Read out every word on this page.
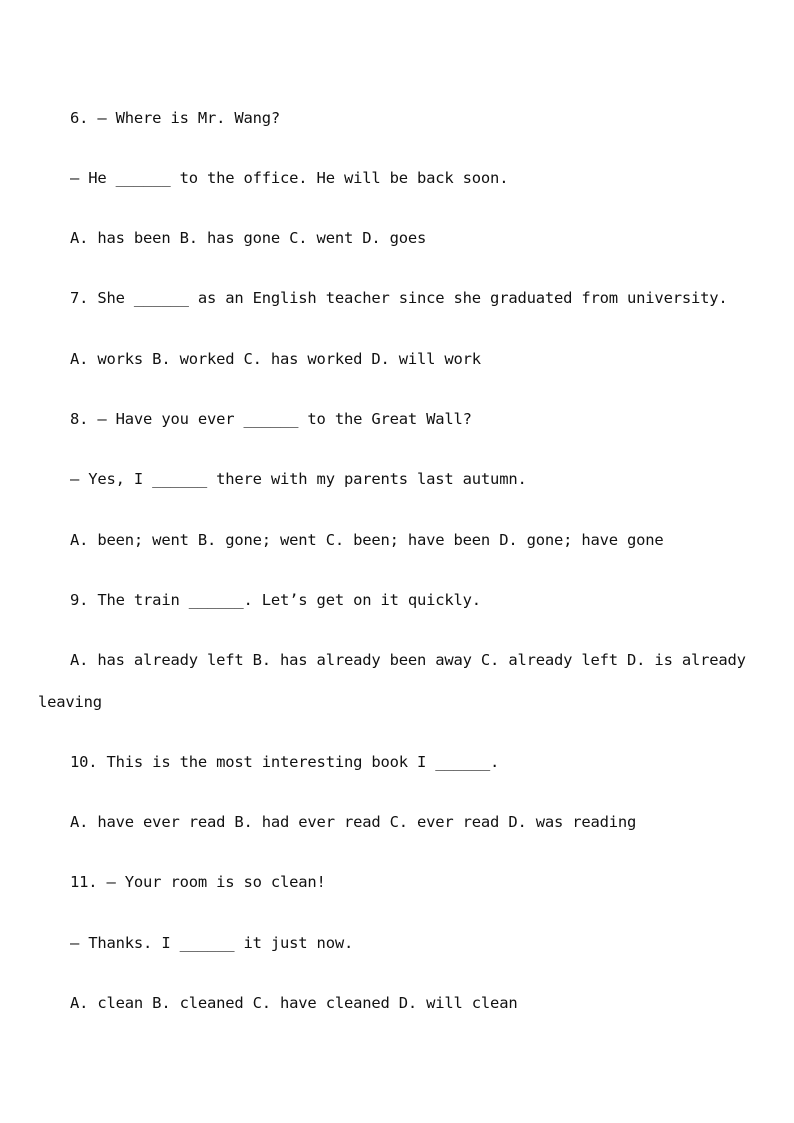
6. — Where is Mr. Wang?

— He ______ to the office. He will be back soon.

A. has been B. has gone C. went D. goes

7. She ______ as an English teacher since she graduated from university.

A. works B. worked C. has worked D. will work

8. — Have you ever ______ to the Great Wall?

— Yes, I ______ there with my parents last autumn.

A. been; went B. gone; went C. been; have been D. gone; have gone

9. The train ______. Let’s get on it quickly.

A. has already left B. has already been away C. already left D. is already

leaving

10. This is the most interesting book I ______.

A. have ever read B. had ever read C. ever read D. was reading

11. — Your room is so clean!

— Thanks. I ______ it just now.

A. clean B. cleaned C. have cleaned D. will clean
